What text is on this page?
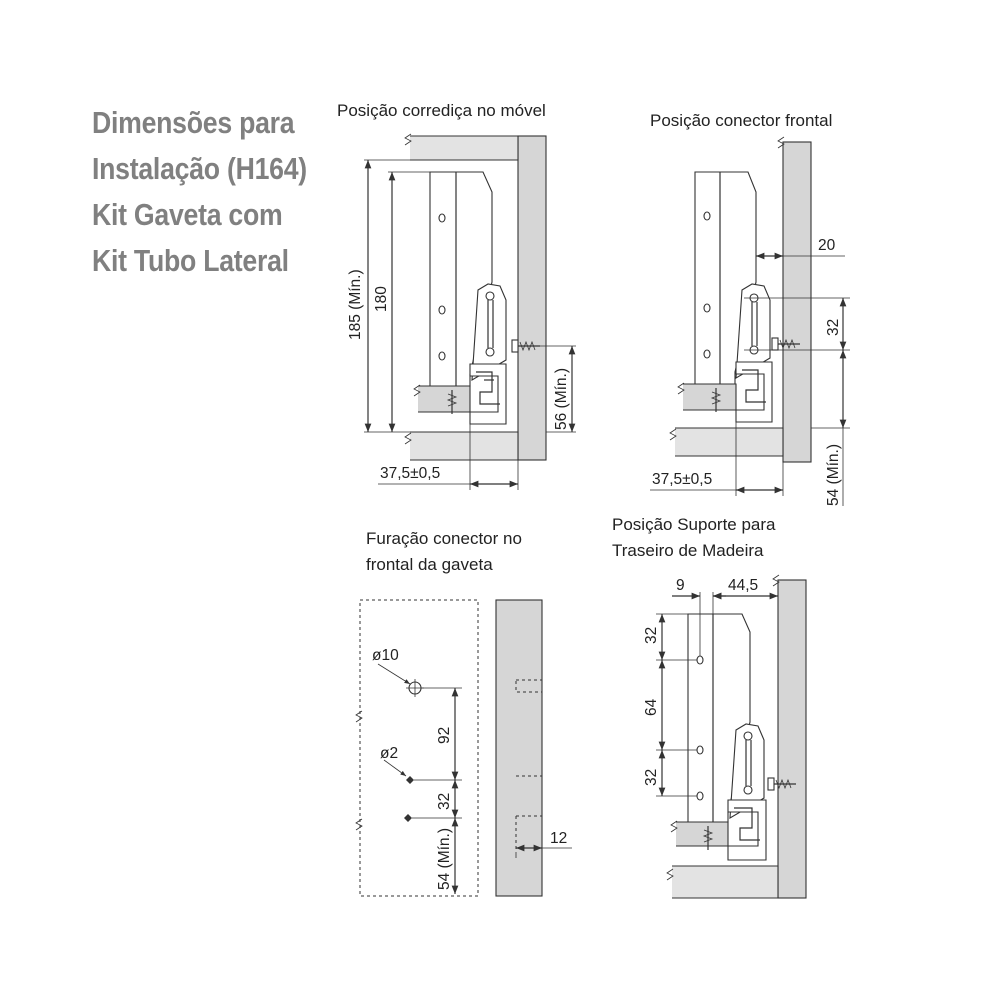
Dimensões para
Instalação (H164)
Kit Gaveta com
Kit Tubo Lateral
Posição corrediça no móvel
185 (Mín.) 180
56 (Mín.)
37,5±0,5
Posição conector frontal
20
32
54 (Mín.)
37,5±0,5
Furação conector no
frontal da gaveta
ø10
ø2
92
32
54 (Mín.)	12
Posição Suporte para
Traseiro de Madeira
9	44,5
32
64
32
